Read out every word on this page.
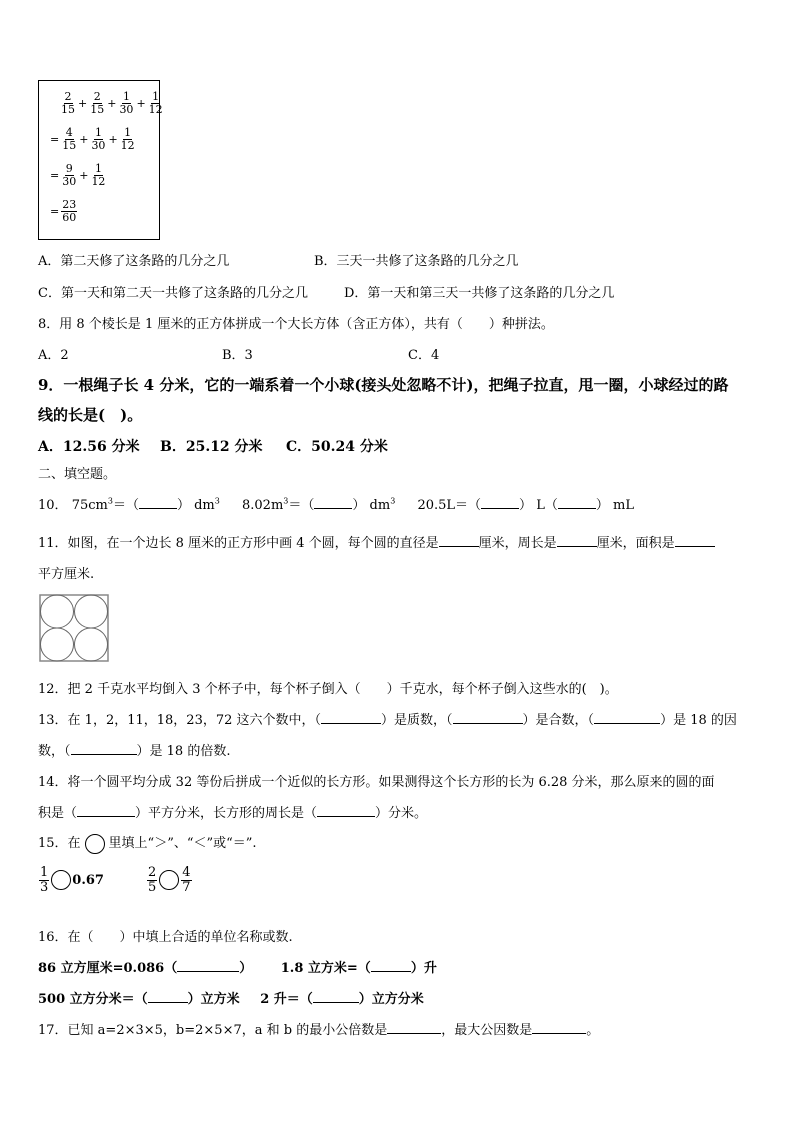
$\frac{2}{15} + \frac{2}{15} + \frac{1}{30} + \frac{1}{12}$
= $\frac{4}{15} + \frac{1}{30} + \frac{1}{12}$
= $\frac{9}{30} + \frac{1}{12}$
= $\frac{23}{60}$
A．第二天修了这条路的几分之几	B．三天一共修了这条路的几分之几
C．第一天和第二天一共修了这条路的几分之几	D．第一天和第三天一共修了这条路的几分之几
8．用 8 个棱长是 1 厘米的正方体拼成一个大长方体（含正方体），共有（　　）种拼法。
A．2	B．3	C．4
9．一根绳子长 4 分米，它的一端系着一个小球(接头处忽略不计)，把绳子拉直，甩一圈，小球经过的路
线的长是(　)。
A．12.56 分米 B．25.12 分米 C．50.24 分米
二、填空题。
10． $75cm^3=$（	） $dm^3$ $8.02m^3=$（	） $dm^3$ 20.5L＝（	） L（	） mL
11．如图，在一个边长 8 厘米的正方形中画 4 个圆，每个圆的直径是	厘米，周长是	厘米，面积是
平方厘米.
12．把 2 千克水平均倒入 3 个杯子中，每个杯子倒入（　　）千克水，每个杯子倒入这些水的(　)。
13．在 1，2，11，18，23，72 这六个数中，（	）是质数，（	）是合数，（	）是 18 的因
数，（	）是 18 的倍数.
14．将一个圆平均分成 32 等份后拼成一个近似的长方形。如果测得这个长方形的长为 6.28 分米，那么原来的圆的面
积是（	）平方分米，长方形的周长是（	）分米。
15．在 里填上“＞”、“＜”或“＝”.
$\frac{1}{3} 0.67$	$\frac{2}{5} \frac{4}{7}$
16．在（　　）中填上合适的单位名称或数.
86 立方厘米=0.086（	） 1.8 立方米=（	）升
500 立方分米＝（	）立方米 2 升＝（	）立方分米
17．已知 a=2×3×5，b=2×5×7，a 和 b 的最小公倍数是	，最大公因数是	。
